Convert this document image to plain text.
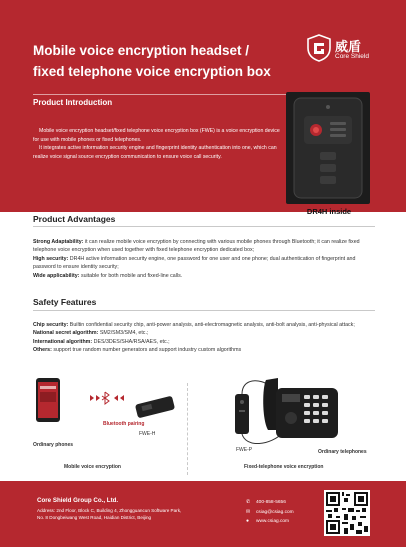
Mobile voice encryption headset /
fixed telephone voice encryption box
威盾
Core Shield
Product Introduction

Mobile voice encryption headset/fixed telephone voice encryption box (FWE) is a voice encryption device for use with mobile phones or fixed telephones.

It integrates active information security engine and fingerprint identity authentication into one, which can realize voice signal source encryption communication to ensure voice call security.

DR4H inside
Product Advantages
Strong Adaptability: it can realize mobile voice encryption by connecting with various mobile phones through Bluetooth; it can realize fixed telephone voice encryption when used together with fixed telephone encryption dedicated box;
High security: DR4H active information security engine, one password for one user and one phone; dual authentication of fingerprint and password to ensure identity security;
Wide applicability: suitable for both mobile and fixed-line calls.
Safety Features
Chip security: Builtin confidential security chip, anti-power analysis, anti-electromagnetic analysis, anti-bolt analysis, anti-physical attack;
National secret algorithm: SM2/SM3/SM4, etc.;
International algorithm: DES/3DES/SHA/RSA/AES, etc.;
Others: support true random number generators and support industry custom algorithms
Bluetooth pairing
FWE-H
Ordinary phones
Mobile voice encryption
FWE-P	Ordinary telephones
Fixed-telephone voice encryption
Core Shield Group Co., Ltd.
Address: 2nd Floor, Block C, Building 4, Zhongguancun Software Park,
No. 8 Dongbeiwang West Road, Haidian District, Beijing
✆ 400-858-5656
✉ csiag@csiag.com
● www.csiag.com
